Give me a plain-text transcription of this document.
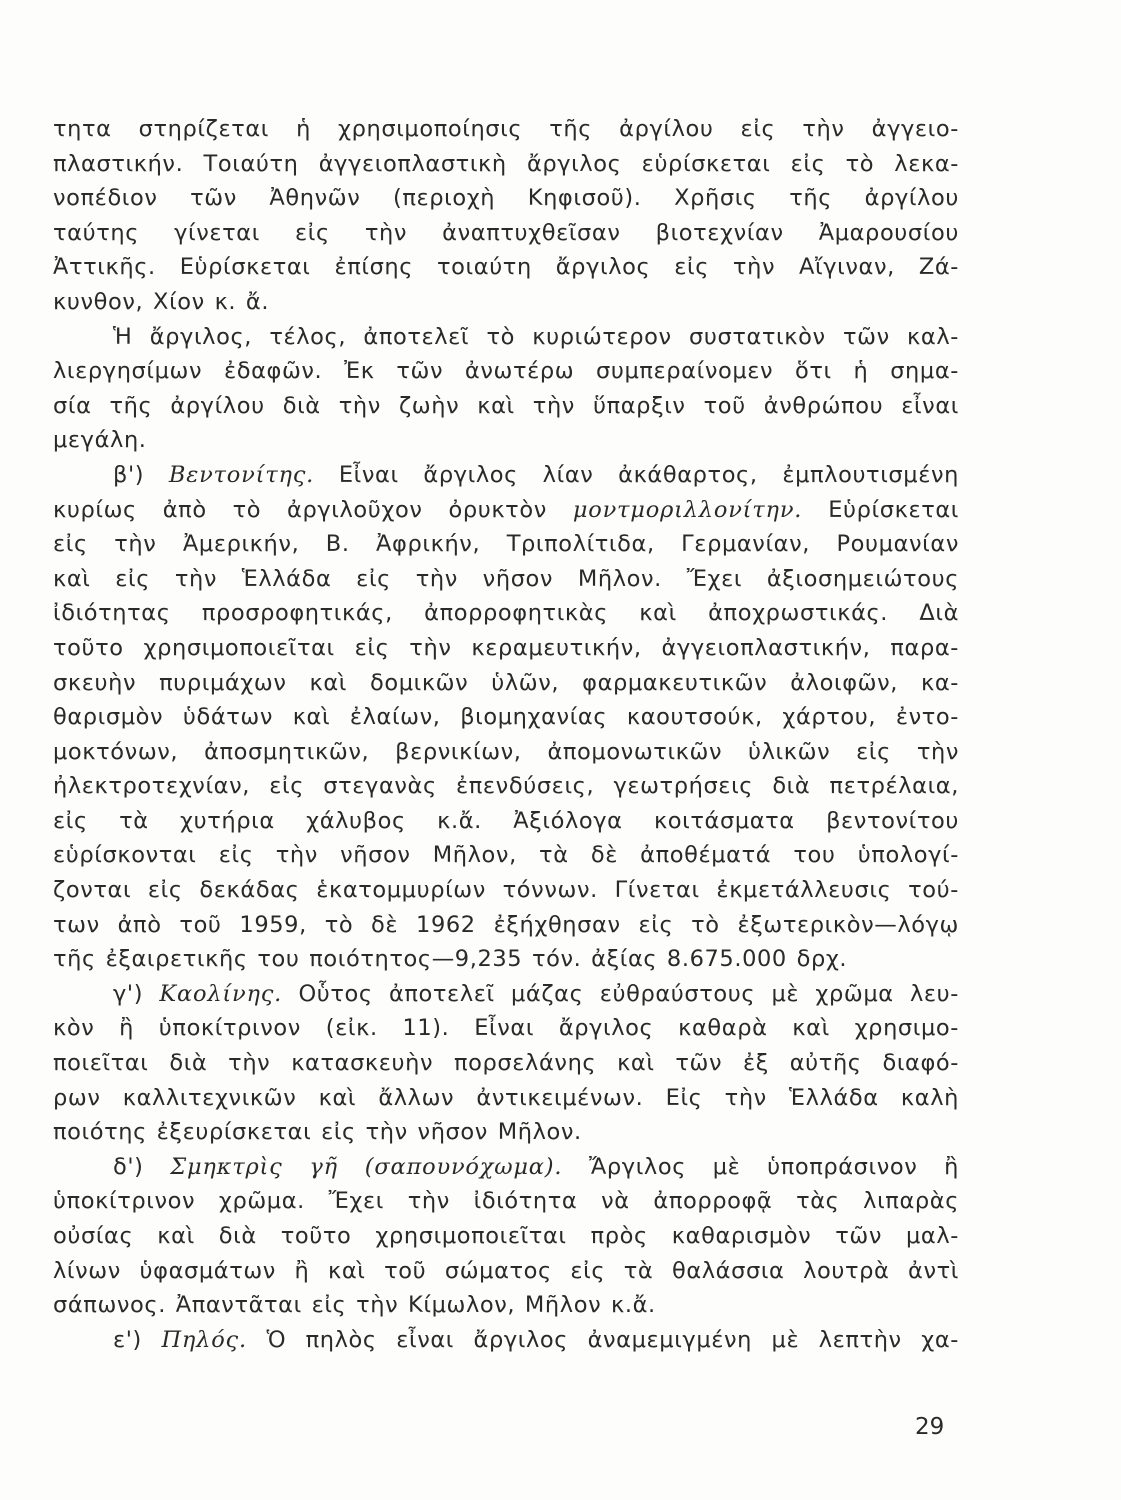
τητα στηρίζεται ἡ χρησιμοποίησις τῆς ἀργίλου εἰς τὴν ἀγγειο-
πλαστικήν. Τοιαύτη ἀγγειοπλαστικὴ ἄργιλος εὑρίσκεται εἰς τὸ λεκα-
νοπέδιον τῶν Ἀθηνῶν (περιοχὴ Κηφισοῦ). Χρῆσις τῆς ἀργίλου
ταύτης γίνεται εἰς τὴν ἀναπτυχθεῖσαν βιοτεχνίαν Ἀμαρουσίου
Ἀττικῆς. Εὑρίσκεται ἐπίσης τοιαύτη ἄργιλος εἰς τὴν Αἴγιναν, Ζά-
κυνθον, Χίον κ. ἄ.
Ἡ ἄργιλος, τέλος, ἀποτελεῖ τὸ κυριώτερον συστατικὸν τῶν καλ-
λιεργησίμων ἐδαφῶν. Ἐκ τῶν ἀνωτέρω συμπεραίνομεν ὅτι ἡ σημα-
σία τῆς ἀργίλου διὰ τὴν ζωὴν καὶ τὴν ὕπαρξιν τοῦ ἀνθρώπου εἶναι
μεγάλη.
β') Βεντονίτης. Εἶναι ἄργιλος λίαν ἀκάθαρτος, ἐμπλουτισμένη
κυρίως ἀπὸ τὸ ἀργιλοῦχον ὀρυκτὸν μοντμοριλλονίτην. Εὑρίσκεται
εἰς τὴν Ἀμερικήν, Β. Ἀφρικήν, Τριπολίτιδα, Γερμανίαν, Ρουμανίαν
καὶ εἰς τὴν Ἑλλάδα εἰς τὴν νῆσον Μῆλον. Ἔχει ἀξιοσημειώτους
ἰδιότητας προσροφητικάς, ἀπορροφητικὰς καὶ ἀποχρωστικάς. Διὰ
τοῦτο χρησιμοποιεῖται εἰς τὴν κεραμευτικήν, ἀγγειοπλαστικήν, παρα-
σκευὴν πυριμάχων καὶ δομικῶν ὑλῶν, φαρμακευτικῶν ἀλοιφῶν, κα-
θαρισμὸν ὑδάτων καὶ ἐλαίων, βιομηχανίας καουτσούκ, χάρτου, ἐντο-
μοκτόνων, ἀποσμητικῶν, βερνικίων, ἀπομονωτικῶν ὑλικῶν εἰς τὴν
ἠλεκτροτεχνίαν, εἰς στεγανὰς ἐπενδύσεις, γεωτρήσεις διὰ πετρέλαια,
εἰς τὰ χυτήρια χάλυβος κ.ἄ. Ἀξιόλογα κοιτάσματα βεντονίτου
εὑρίσκονται εἰς τὴν νῆσον Μῆλον, τὰ δὲ ἀποθέματά του ὑπολογί-
ζονται εἰς δεκάδας ἑκατομμυρίων τόννων. Γίνεται ἐκμετάλλευσις τού-
των ἀπὸ τοῦ 1959, τὸ δὲ 1962 ἐξήχθησαν εἰς τὸ ἐξωτερικὸν—λόγῳ
τῆς ἐξαιρετικῆς του ποιότητος—9,235 τόν. ἀξίας 8.675.000 δρχ.
γ') Καολίνης. Οὗτος ἀποτελεῖ μάζας εὐθραύστους μὲ χρῶμα λευ-
κὸν ἢ ὑποκίτρινον (εἰκ. 11). Εἶναι ἄργιλος καθαρὰ καὶ χρησιμο-
ποιεῖται διὰ τὴν κατασκευὴν πορσελάνης καὶ τῶν ἐξ αὐτῆς διαφό-
ρων καλλιτεχνικῶν καὶ ἄλλων ἀντικειμένων. Εἰς τὴν Ἑλλάδα καλὴ
ποιότης ἐξευρίσκεται εἰς τὴν νῆσον Μῆλον.
δ') Σμηκτρὶς γῆ (σαπουνόχωμα). Ἄργιλος μὲ ὑποπράσινον ἢ
ὑποκίτρινον χρῶμα. Ἔχει τὴν ἰδιότητα νὰ ἀπορροφᾷ τὰς λιπαρὰς
οὐσίας καὶ διὰ τοῦτο χρησιμοποιεῖται πρὸς καθαρισμὸν τῶν μαλ-
λίνων ὑφασμάτων ἢ καὶ τοῦ σώματος εἰς τὰ θαλάσσια λουτρὰ ἀντὶ
σάπωνος. Ἀπαντᾶται εἰς τὴν Κίμωλον, Μῆλον κ.ἄ.
ε') Πηλός. Ὁ πηλὸς εἶναι ἄργιλος ἀναμεμιγμένη μὲ λεπτὴν χα-
29
